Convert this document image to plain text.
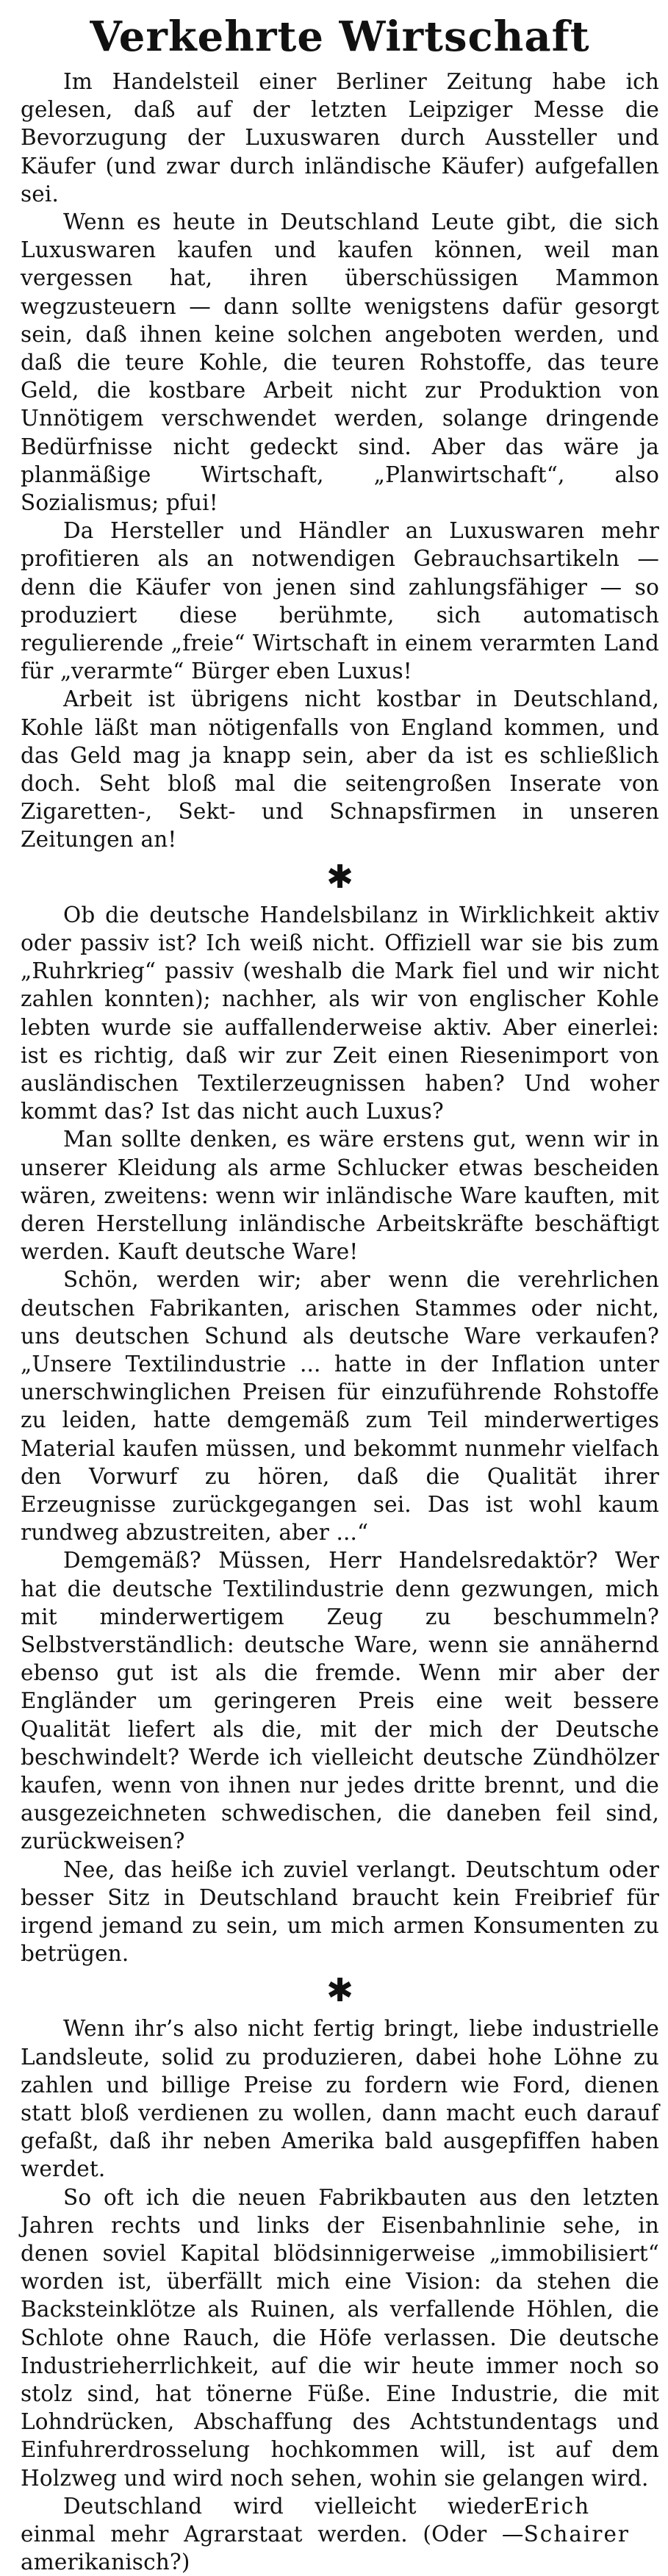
Verkehrte Wirtschaft

Im Handelsteil einer Berliner Zeitung habe ich gelesen, daß auf der letzten Leipziger Messe die Bevorzugung der Luxuswaren durch Aussteller und Käufer (und zwar durch inländische Käufer) aufgefallen sei.

Wenn es heute in Deutschland Leute gibt, die sich Luxuswaren kaufen und kaufen können, weil man vergessen hat, ihren überschüssigen Mammon wegzusteuern — dann sollte wenigstens dafür gesorgt sein, daß ihnen keine solchen angeboten werden, und daß die teure Kohle, die teuren Rohstoffe, das teure Geld, die kostbare Arbeit nicht zur Produktion von Unnötigem verschwendet werden, solange dringende Bedürfnisse nicht gedeckt sind. Aber das wäre ja planmäßige Wirtschaft, „Planwirtschaft“, also Sozialismus; pfui!

Da Hersteller und Händler an Luxuswaren mehr profitieren als an notwendigen Gebrauchsartikeln — denn die Käufer von jenen sind zahlungsfähiger — so produziert diese berühmte, sich automatisch regulierende „freie“ Wirtschaft in einem verarmten Land für „verarmte“ Bürger eben Luxus!

Arbeit ist übrigens nicht kostbar in Deutschland, Kohle läßt man nötigenfalls von England kommen, und das Geld mag ja knapp sein, aber da ist es schließlich doch. Seht bloß mal die seitengroßen Inserate von Zigaretten-, Sekt- und Schnapsfirmen in unseren Zeitungen an!

✱

Ob die deutsche Handelsbilanz in Wirklichkeit aktiv oder passiv ist? Ich weiß nicht. Offiziell war sie bis zum „Ruhrkrieg“ passiv (weshalb die Mark fiel und wir nicht zahlen konnten); nachher, als wir von englischer Kohle lebten wurde sie auffallenderweise aktiv. Aber einerlei: ist es richtig, daß wir zur Zeit einen Riesenimport von ausländischen Textilerzeugnissen haben? Und woher kommt das? Ist das nicht auch Luxus?

Man sollte denken, es wäre erstens gut, wenn wir in unserer Kleidung als arme Schlucker etwas bescheiden wären, zweitens: wenn wir inländische Ware kauften, mit deren Herstellung inländische Arbeitskräfte beschäftigt werden. Kauft deutsche Ware!

Schön, werden wir; aber wenn die verehrlichen deutschen Fabrikanten, arischen Stammes oder nicht, uns deutschen Schund als deutsche Ware verkaufen? „Unsere Textilindustrie ... hatte in der Inflation unter unerschwinglichen Preisen für einzuführende Rohstoffe zu leiden, hatte demgemäß zum Teil minderwertiges Material kaufen müssen, und bekommt nunmehr vielfach den Vorwurf zu hören, daß die Qualität ihrer Erzeugnisse zurückgegangen sei. Das ist wohl kaum rundweg abzustreiten, aber ...“

Demgemäß? Müssen, Herr Handelsredaktör? Wer hat die deutsche Textilindustrie denn gezwungen, mich mit minderwertigem Zeug zu beschummeln? Selbstverständlich: deutsche Ware, wenn sie annähernd ebenso gut ist als die fremde. Wenn mir aber der Engländer um geringeren Preis eine weit bessere Qualität liefert als die, mit der mich der Deutsche beschwindelt? Werde ich vielleicht deutsche Zündhölzer kaufen, wenn von ihnen nur jedes dritte brennt, und die ausgezeichneten schwedischen, die daneben feil sind, zurückweisen?

Nee, das heiße ich zuviel verlangt. Deutschtum oder besser Sitz in Deutschland braucht kein Freibrief für irgend jemand zu sein, um mich armen Konsumenten zu betrügen.

✱

Wenn ihr’s also nicht fertig bringt, liebe industrielle Landsleute, solid zu produzieren, dabei hohe Löhne zu zahlen und billige Preise zu fordern wie Ford, dienen statt bloß verdienen zu wollen, dann macht euch darauf gefaßt, daß ihr neben Amerika bald ausgepfiffen haben werdet.

So oft ich die neuen Fabrikbauten aus den letzten Jahren rechts und links der Eisenbahnlinie sehe, in denen soviel Kapital blödsinnigerweise „immobilisiert“ worden ist, überfällt mich eine Vision: da stehen die Backsteinklötze als Ruinen, als verfallende Höhlen, die Schlote ohne Rauch, die Höfe verlassen. Die deutsche Industrieherrlichkeit, auf die wir heute immer noch so stolz sind, hat tönerne Füße. Eine Industrie, die mit Lohndrücken, Abschaffung des Achtstundentags und Einfuhrerdrosselung hochkommen will, ist auf dem Holzweg und wird noch sehen, wohin sie gelangen wird.

Deutschland wird vielleicht wieder einmal mehr Agrarstaat werden. (Oder — amerikanisch?)

Erich Schairer
